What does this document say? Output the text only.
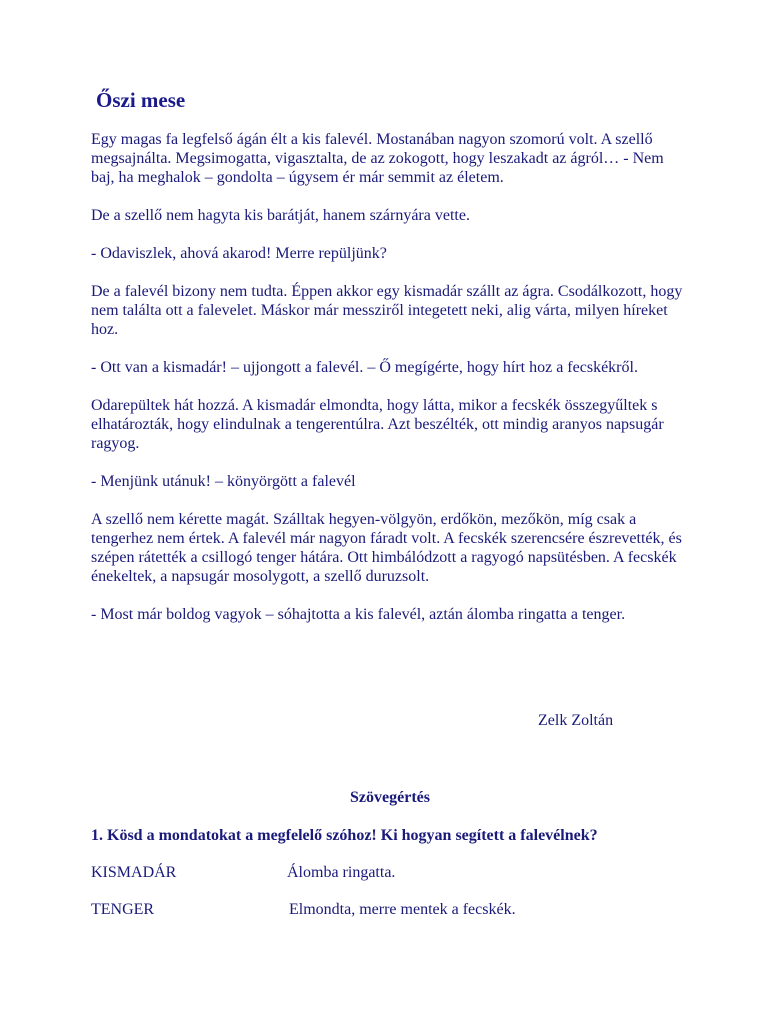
Őszi mese

Egy magas fa legfelső ágán élt a kis falevél. Mostanában nagyon szomorú volt. A szellő megsajnálta. Megsimogatta, vigasztalta, de az zokogott, hogy leszakadt az ágról… - Nem baj, ha meghalok – gondolta – úgysem ér már semmit az életem.

De a szellő nem hagyta kis barátját, hanem szárnyára vette.

- Odaviszlek, ahová akarod! Merre repüljünk?

De a falevél bizony nem tudta. Éppen akkor egy kismadár szállt az ágra. Csodálkozott, hogy nem találta ott a falevelet. Máskor már messziről integetett neki, alig várta, milyen híreket hoz.

- Ott van a kismadár! – ujjongott a falevél. – Ő megígérte, hogy hírt hoz a fecskékről.

Odarepültek hát hozzá. A kismadár elmondta, hogy látta, mikor a fecskék összegyűltek s elhatározták, hogy elindulnak a tengerentúlra. Azt beszélték, ott mindig aranyos napsugár ragyog.

- Menjünk utánuk! – könyörgött a falevél

A szellő nem kérette magát. Szálltak hegyen-völgyön, erdőkön, mezőkön, míg csak a tengerhez nem értek. A falevél már nagyon fáradt volt. A fecskék szerencsére észrevették, és szépen rátették a csillogó tenger hátára. Ott himbálódzott a ragyogó napsütésben. A fecskék énekeltek, a napsugár mosolygott, a szellő duruzsolt.

- Most már boldog vagyok – sóhajtotta a kis falevél, aztán álomba ringatta a tenger.

Zelk Zoltán

Szövegértés

1. Kösd a mondatokat a megfelelő szóhoz! Ki hogyan segített a falevélnek?

KISMADÁR	Álomba ringatta.
TENGER	Elmondta, merre mentek a fecskék.
